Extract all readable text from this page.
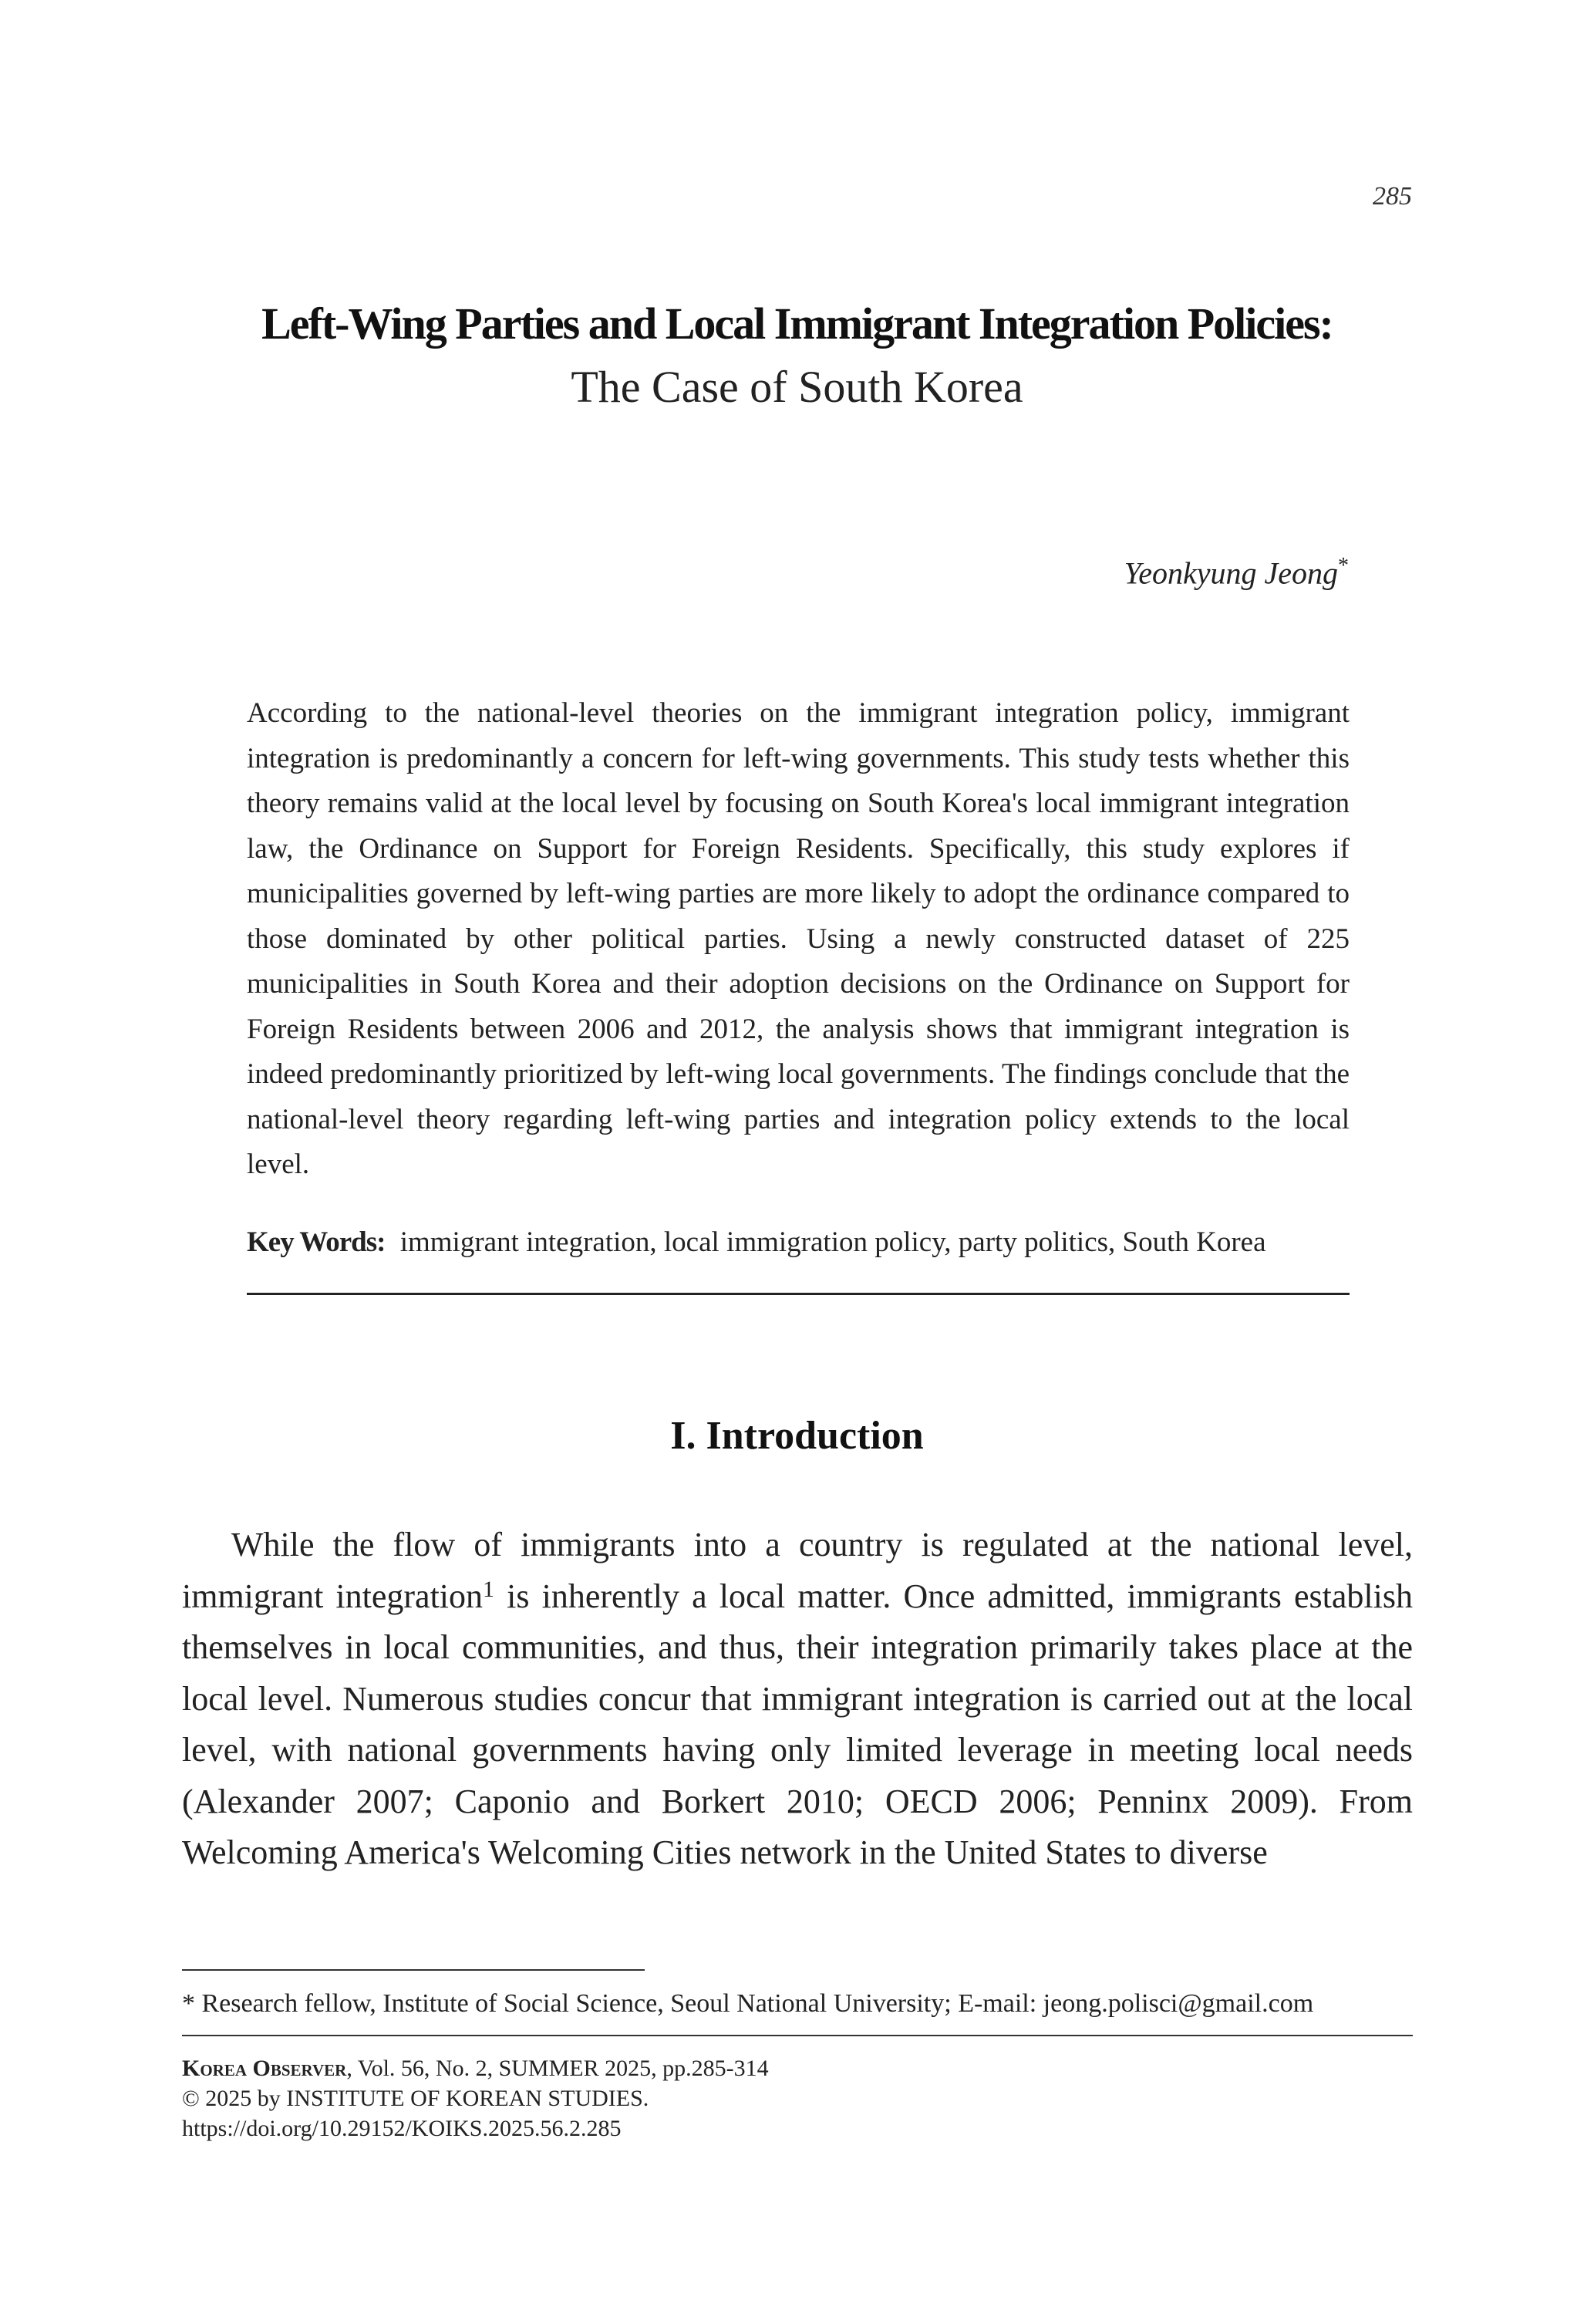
285
Left-Wing Parties and Local Immigrant Integration Policies:
The Case of South Korea
Yeonkyung Jeong*
According to the national-level theories on the immigrant integration policy, immigrant integration is predominantly a concern for left-wing governments. This study tests whether this theory remains valid at the local level by focusing on South Korea's local immigrant integration law, the Ordinance on Support for Foreign Residents. Specifically, this study explores if municipalities governed by left-wing parties are more likely to adopt the ordinance compared to those dominated by other political parties. Using a newly constructed dataset of 225 municipalities in South Korea and their adoption decisions on the Ordinance on Support for Foreign Residents between 2006 and 2012, the analysis shows that immigrant integration is indeed predominantly prioritized by left-wing local governments. The findings conclude that the national-level theory regarding left-wing parties and integration policy extends to the local level.
Key Words: immigrant integration, local immigration policy, party politics, South Korea
I. Introduction
While the flow of immigrants into a country is regulated at the national level, immigrant integration$^1$ is inherently a local matter. Once admitted, immigrants establish themselves in local communities, and thus, their integration primarily takes place at the local level. Numerous studies concur that immigrant integration is carried out at the local level, with national governments having only limited leverage in meeting local needs (Alexander 2007; Caponio and Borkert 2010; OECD 2006; Penninx 2009). From Welcoming America's Welcoming Cities network in the United States to diverse
* Research fellow, Institute of Social Science, Seoul National University; E-mail: jeong.polisci@gmail.com
Korea Observer, Vol. 56, No. 2, SUMMER 2025, pp.285-314
© 2025 by INSTITUTE OF KOREAN STUDIES.
https://doi.org/10.29152/KOIKS.2025.56.2.285
